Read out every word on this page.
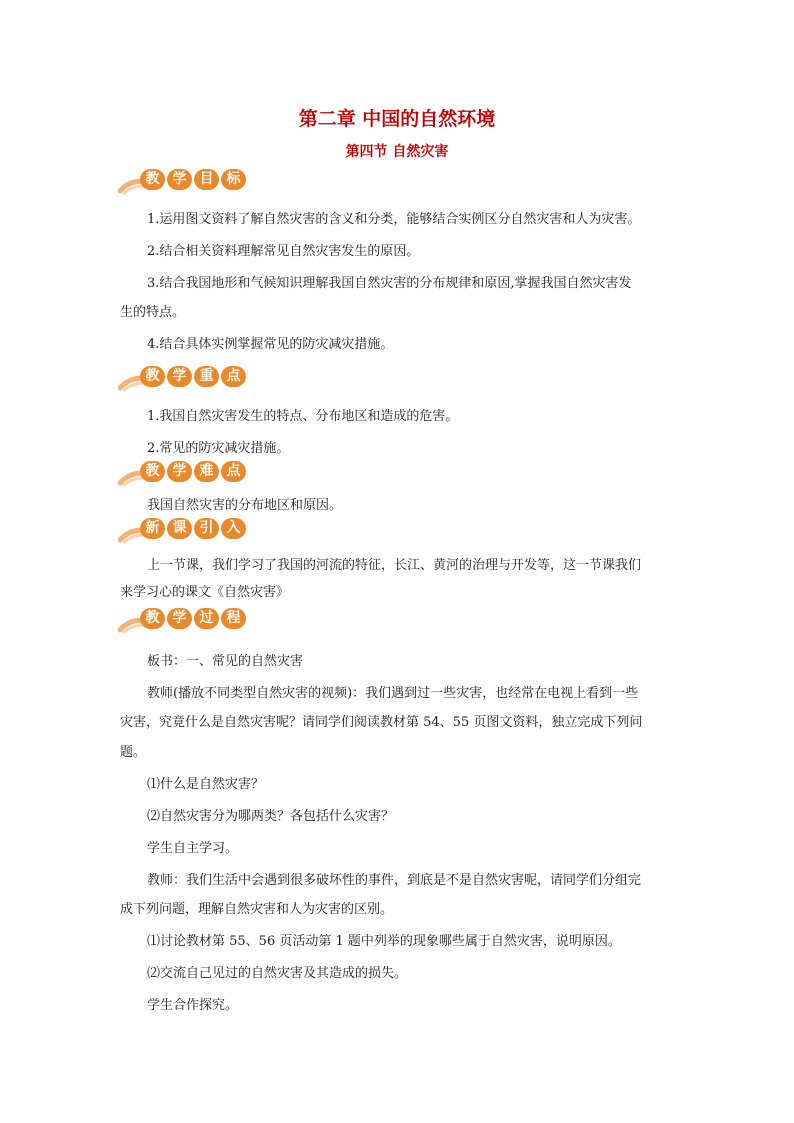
第二章 中国的自然环境
第四节 自然灾害
教 学 目 标
1.运用图文资料了解自然灾害的含义和分类，能够结合实例区分自然灾害和人为灾害。
2.结合相关资料理解常见自然灾害发生的原因。
3.结合我国地形和气候知识理解我国自然灾害的分布规律和原因,掌握我国自然灾害发
生的特点。
4.结合具体实例掌握常见的防灾减灾措施。
教 学 重 点
1.我国自然灾害发生的特点、分布地区和造成的危害。
2.常见的防灾减灾措施。
教 学 难 点
我国自然灾害的分布地区和原因。
新 课 引 入
上一节课，我们学习了我国的河流的特征，长江、黄河的治理与开发等，这一节课我们
来学习心的课文《自然灾害》
教 学 过 程
板书：一、常见的自然灾害
教师(播放不同类型自然灾害的视频)：我们遇到过一些灾害，也经常在电视上看到一些
灾害，究竟什么是自然灾害呢？请同学们阅读教材第 54、55 页图文资料，独立完成下列问
题。
⑴什么是自然灾害？
⑵自然灾害分为哪两类？各包括什么灾害？
学生自主学习。
教师：我们生活中会遇到很多破坏性的事件，到底是不是自然灾害呢，请同学们分组完
成下列问题，理解自然灾害和人为灾害的区别。
⑴讨论教材第 55、56 页活动第 1 题中列举的现象哪些属于自然灾害，说明原因。
⑵交流自己见过的自然灾害及其造成的损失。
学生合作探究。
